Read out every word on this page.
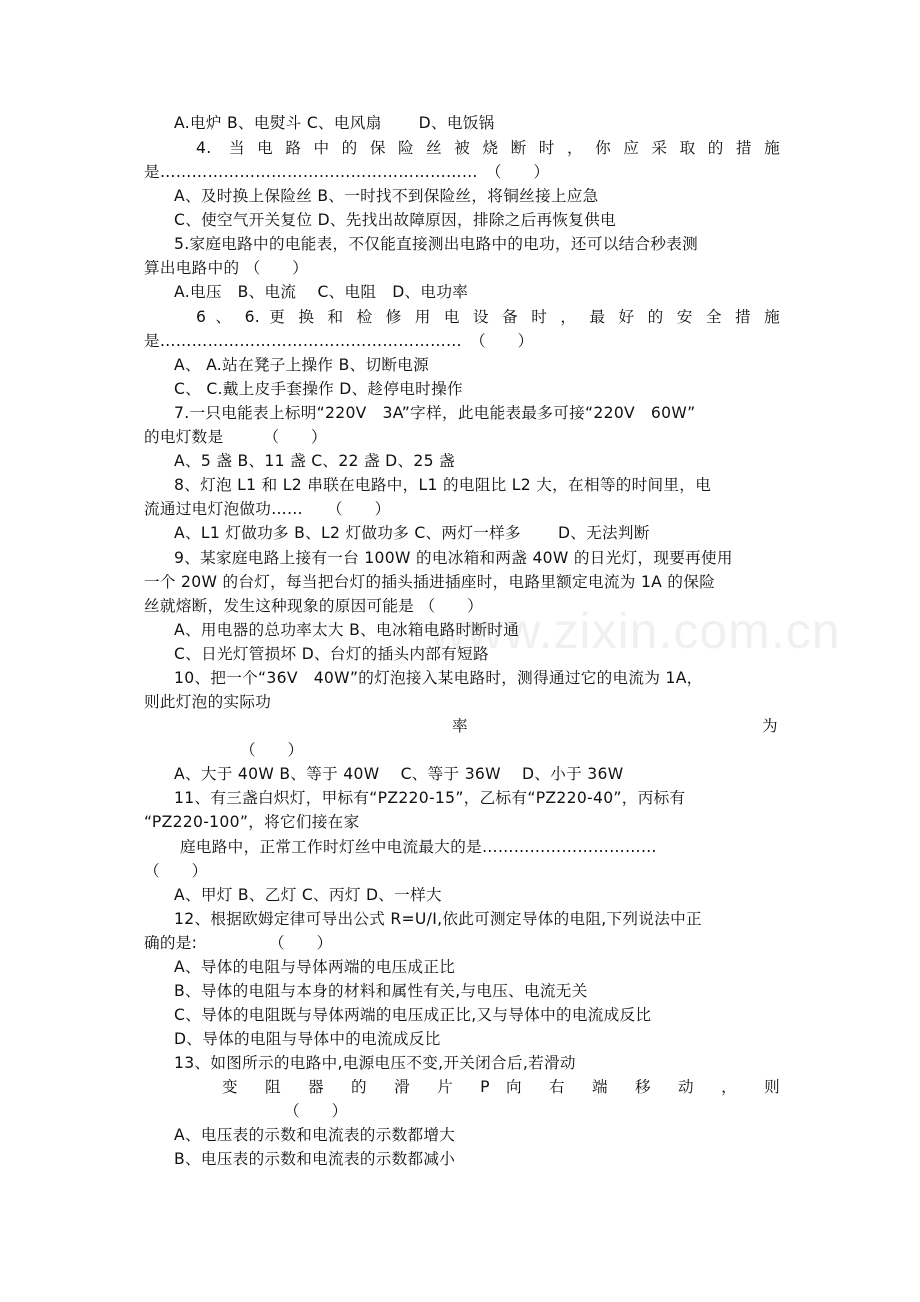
www.zixin.com.cn
A.电炉 B、电熨斗 C、电风扇　　 D、电饭锅
4. 当电路中的保险丝被烧断时，你应采取的措施
是……………………………………………………　（　　）
A、及时换上保险丝 B、一时找不到保险丝，将铜丝接上应急
C、使空气开关复位 D、先找出故障原因，排除之后再恢复供电
5.家庭电路中的电能表，不仅能直接测出电路中的电功，还可以结合秒表测
算出电路中的 （　　）
A.电压　B、电流　 C、电阻　D、电功率
6 、 6. 更 换 和 检 修 用 电 设 备 时 ， 最 好 的 安 全 措 施
是…………………………………………………　（　　）
A、 A.站在凳子上操作 B、切断电源
C、 C.戴上皮手套操作 D、趁停电时操作
7.一只电能表上标明“220V　3A”字样，此电能表最多可接“220V　60W”
的电灯数是　　　（　　）
A、5 盏 B、11 盏 C、22 盏 D、25 盏
8、灯泡 L1 和 L2 串联在电路中，L1 的电阻比 L2 大，在相等的时间里，电
流通过电灯泡做功……　　（　　）
A、L1 灯做功多 B、L2 灯做功多 C、两灯一样多　　 D、无法判断
9、某家庭电路上接有一台 100W 的电冰箱和两盏 40W 的日光灯，现要再使用
一个 20W 的台灯，每当把台灯的插头插进插座时，电路里额定电流为 1A 的保险
丝就熔断，发生这种现象的原因可能是 （　　）
A、用电器的总功率太大 B、电冰箱电路时断时通
C、日光灯管损坏 D、台灯的插头内部有短路
10、把一个“36V　40W”的灯泡接入某电路时，测得通过它的电流为 1A，
则此灯泡的实际功
率	为
（　　）
A、大于 40W B、等于 40W　 C、等于 36W　 D、小于 36W
11、有三盏白炽灯，甲标有“PZ220-15”，乙标有“PZ220-40”，丙标有
“PZ220-100”，将它们接在家
庭电路中，正常工作时灯丝中电流最大的是……………………………
（　　）
A、甲灯 B、乙灯 C、丙灯 D、一样大
12、根据欧姆定律可导出公式 R=U/I,依此可测定导体的电阻,下列说法中正
确的是:　　　　　（　　）
A、导体的电阻与导体两端的电压成正比
B、导体的电阻与本身的材料和属性有关,与电压、电流无关
C、导体的电阻既与导体两端的电压成正比,又与导体中的电流成反比
D、导体的电阻与导体中的电流成反比
13、如图所示的电路中,电源电压不变,开关闭合后,若滑动
变 阻 器 的 滑 片 P 向 右 端 移 动 ， 则
（　　）
A、电压表的示数和电流表的示数都增大
B、电压表的示数和电流表的示数都减小
